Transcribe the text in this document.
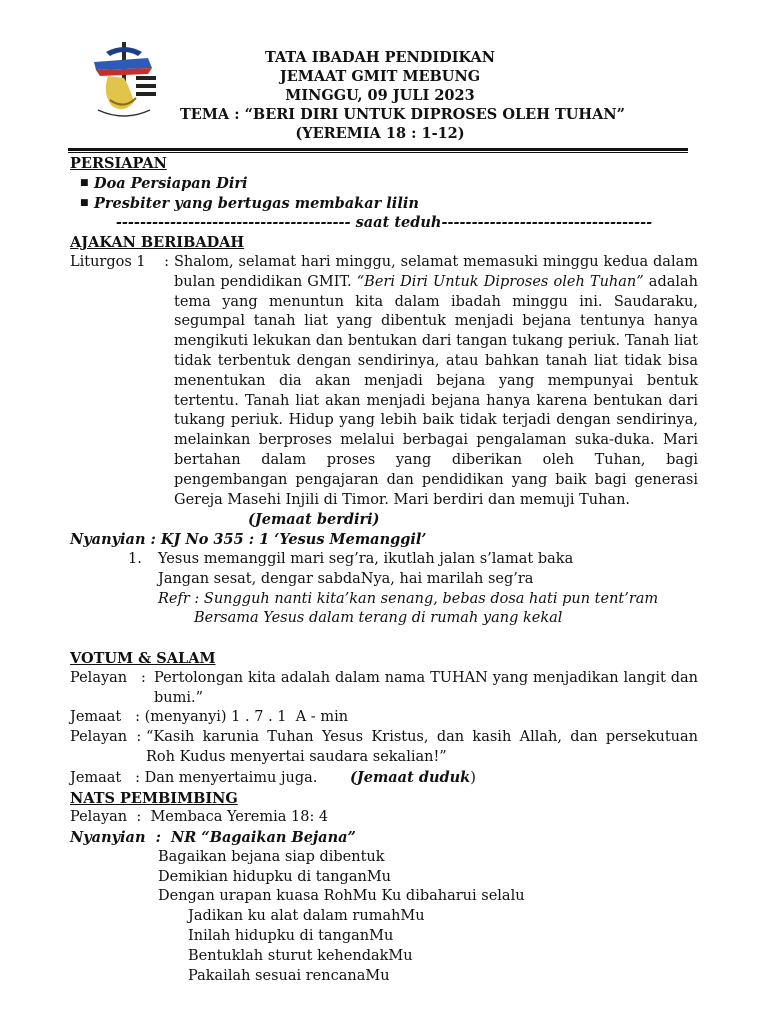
TATA IBADAH PENDIDIKAN
JEMAAT GMIT MEBUNG
MINGGU, 09 JULI 2023
TEMA : “BERI DIRI UNTUK DIPROSES OLEH TUHAN”
(YEREMIA 18 : 1-12)
PERSIAPAN
■ Doa Persiapan Diri
■ Presbiter yang bertugas membakar lilin
--------------------------------------- saat teduh-----------------------------------
AJAKAN BERIBADAH
Liturgos 1    :
Shalom, selamat hari minggu, selamat memasuki minggu kedua dalam bulan pendidikan GMIT. “Beri Diri Untuk Diproses oleh Tuhan” adalah tema yang menuntun kita dalam ibadah minggu ini. Saudaraku, segumpal tanah liat yang dibentuk menjadi bejana tentunya hanya mengikuti lekukan dan bentukan dari tangan tukang periuk. Tanah liat tidak terbentuk dengan sendirinya, atau bahkan tanah liat tidak bisa menentukan dia akan menjadi bejana yang mempunyai bentuk tertentu. Tanah liat akan menjadi bejana hanya karena bentukan dari tukang periuk. Hidup yang lebih baik tidak terjadi dengan sendirinya, melainkan berproses melalui berbagai pengalaman suka-duka. Mari bertahan dalam proses yang diberikan oleh Tuhan, bagi pengembangan pengajaran dan pendidikan yang baik bagi generasi Gereja Masehi Injili di Timor. Mari berdiri dan memuji Tuhan.
(Jemaat berdiri)
Nyanyian : KJ No 355 : 1 ‘Yesus Memanggil’
1. Yesus memanggil mari seg’ra, ikutlah jalan s’lamat baka
Jangan sesat, dengar sabdaNya, hai marilah seg’ra
Refr : Sungguh nanti kita’kan senang, bebas dosa hati pun tent’ram
Bersama Yesus dalam terang di rumah yang kekal
VOTUM & SALAM
Pelayan   : Pertolongan kita adalah dalam nama TUHAN yang menjadikan langit dan bumi.”
Jemaat   : (menyanyi) 1 . 7 . 1  A - min
Pelayan  : “Kasih karunia Tuhan Yesus Kristus, dan kasih Allah, dan persekutuan Roh Kudus menyertai saudara sekalian!”
Jemaat   : Dan menyertaimu juga. (Jemaat duduk)
NATS PEMBIMBING
Pelayan  :  Membaca Yeremia 18: 4
Nyanyian  :  NR “Bagaikan Bejana”
Bagaikan bejana siap dibentuk
Demikian hidupku di tanganMu
Dengan urapan kuasa RohMu Ku dibaharui selalu
Jadikan ku alat dalam rumahMu
Inilah hidupku di tanganMu
Bentuklah sturut kehendakMu
Pakailah sesuai rencanaMu
